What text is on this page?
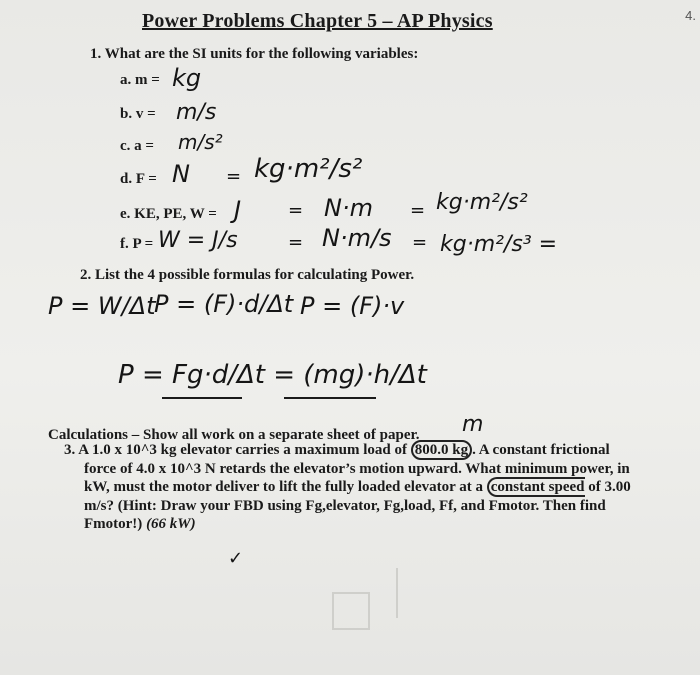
Power Problems Chapter 5 – AP Physics	4.
1. What are the SI units for the following variables:
a. m = kg
b. v = m/s
c. a = m/s²
d. F = N = kg·m²/s²
e. KE, PE, W = J	= N·m = kg·m²/s²
f. P = W = J/s	= N·m/s = kg·m²/s³ =
2. List the 4 possible formulas for calculating Power.
P = W/Δt
P = (F)·d/Δt P = (F)·v
P = Fg·d/Δt = (mg)·h/Δt
Calculations – Show all work on a separate sheet of paper. m
3. A 1.0 x 10^3 kg elevator carries a maximum load of 800.0 kg . A constant frictional force of 4.0 x 10^3 N retards the elevator’s motion upward. What minimum power, in kW, must the motor deliver to lift the fully loaded elevator at a constant speed of 3.00 m/s? (Hint: Draw your FBD using Fg,elevator, Fg,load, Ff, and Fmotor. Then find Fmotor!) (66 kW)
✓
